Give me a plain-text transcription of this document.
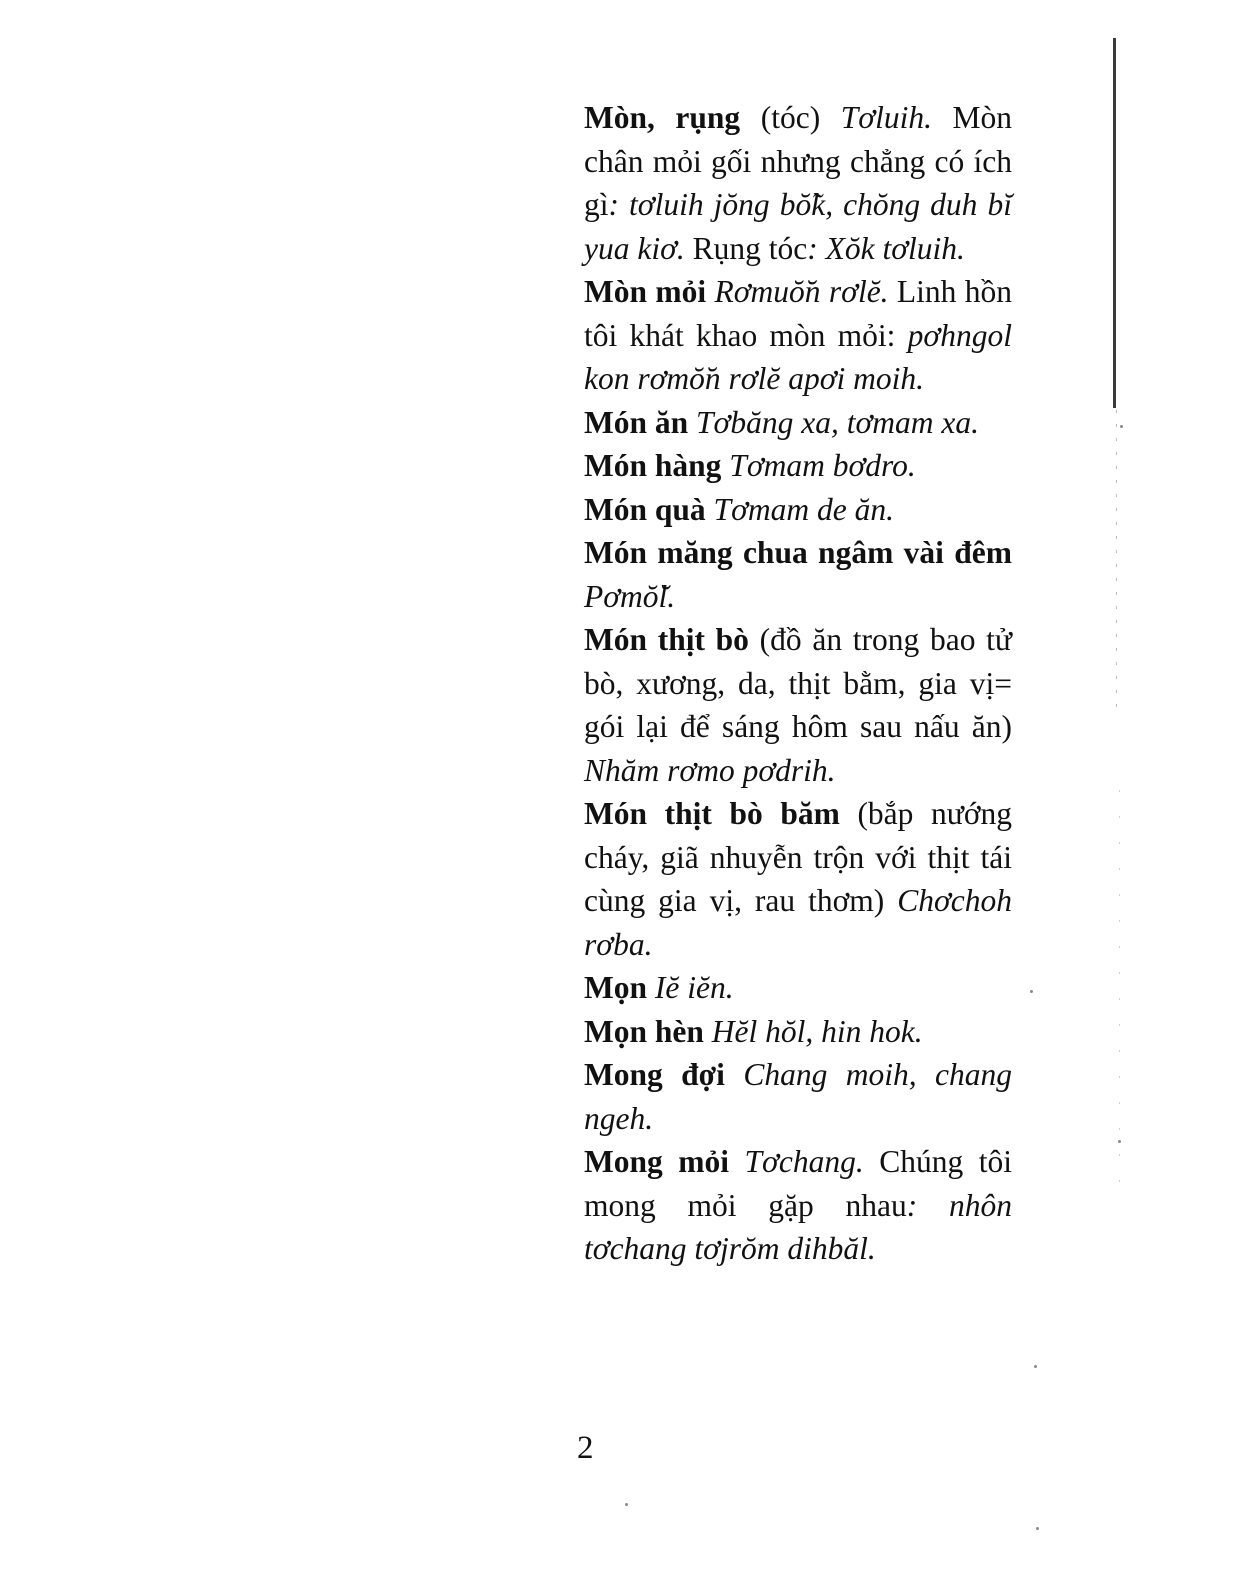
Mòn, rụng (tóc) Tơluih. Mòn chân mỏi gối nhưng chẳng có ích gì: tơluih jŏng bŏ̃k, chŏng duh bĭ yua kiơ. Rụng tóc: Xŏk tơluih.

Mòn mỏi Rơmuŏ̆n rơlĕ. Linh hồn tôi khát khao mòn mỏi: pơhngol kon rơmŏ̆n rơlĕ apơi moih.

Món ăn Tơbăng xa, tơmam xa.

Món hàng Tơmam bơdro.

Món quà Tơmam de ăn.

Món măng chua ngâm vài đêm Pơmŏ̆l.

Món thịt bò (đồ ăn trong bao tử bò, xương, da, thịt bằm, gia vị= gói lại để sáng hôm sau nấu ăn) Nhăm rơmo pơdrih.

Món thịt bò băm (bắp nướng cháy, giã nhuyễn trộn với thịt tái cùng gia vị, rau thơm) Chơchoh rơba.

Mọn Iĕ iĕn.

Mọn hèn Hĕl hŏl, hin hok.

Mong đợi Chang moih, chang ngeh.

Mong mỏi Tơchang. Chúng tôi mong mỏi gặp nhau: nhôn tơchang tơjrŏm dihbăl.

2
